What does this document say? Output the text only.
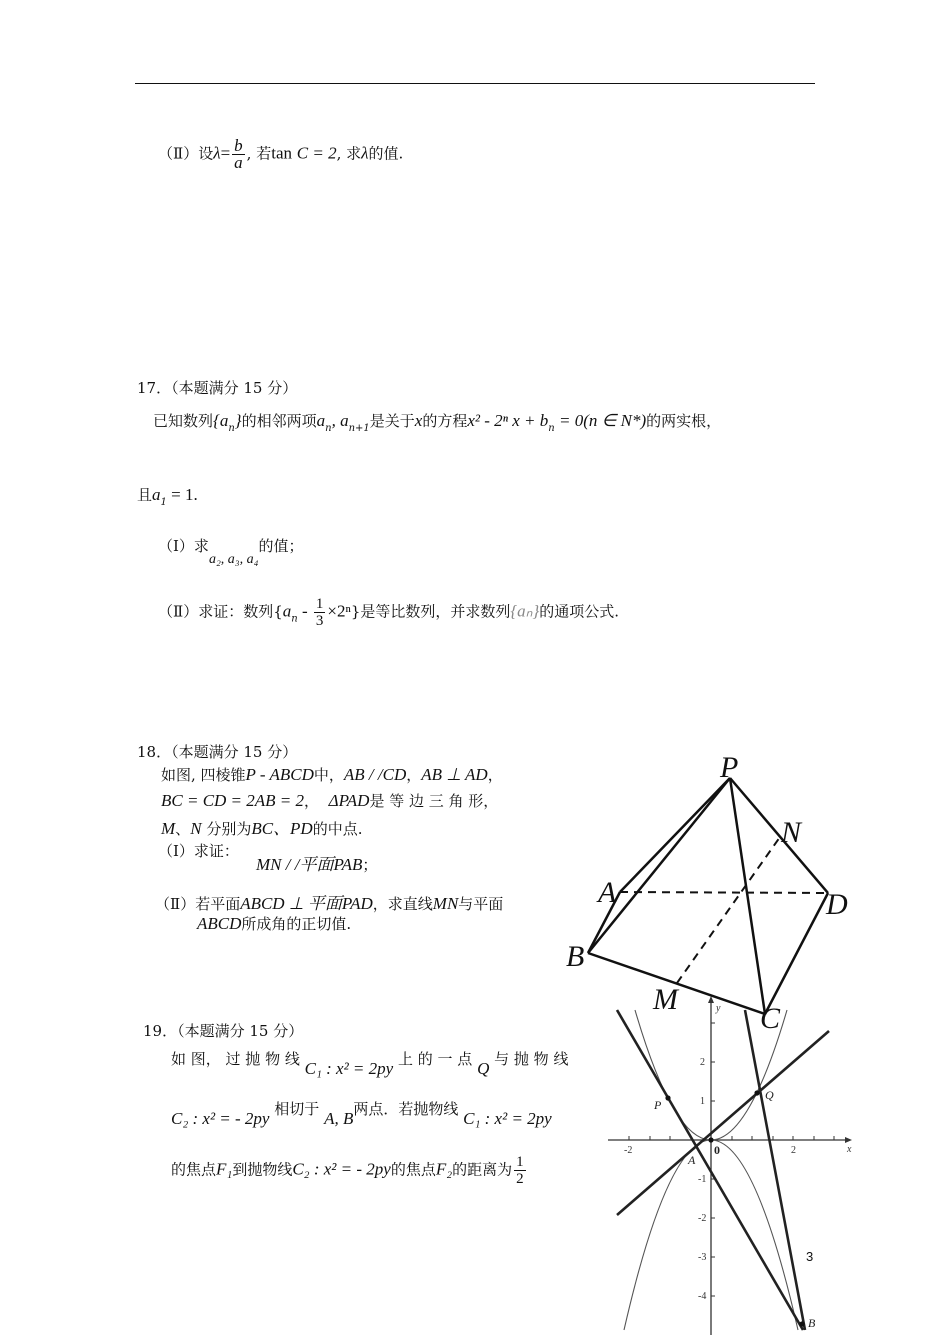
（Ⅱ）设$\lambda= \frac{b}{a}$ , 若tan C = 2, 求λ的值.
17．（本题满分 15 分）
已知数列$\{a_n\}$的相邻两项$a_n$, $a_{n+1}$是关于x的方程x² - 2ⁿ $x + b_n = 0(n$ ∈ N*)的两实根，
且$a_1 = 1$.
（Ⅰ）求a₂, a₃, a₄的值；
（Ⅱ）求证：数列$\{a_n - \frac{1}{3} \times 2^n\}$是等比数列，并求数列{aₙ}的通项公式.
18．（本题满分 15 分）
如图, 四棱锥P - ABCD中，AB / /CD，AB ⊥ AD，
BC = CD = 2AB = 2， ΔPAD是 等 边 三 角 形，
M、N 分别为BC、PD的中点.
（Ⅰ）求证：
MN / /平面PAB；
（Ⅱ）若平面ABCD ⊥ 平面PAD，求直线MN与平面
ABCD所成角的正切值.
P
N
A	D
B
M
C
19．（本题满分 15 分）
如 图， 过 抛 物 线 C₁ : x² = 2py 上 的 一 点 Q 与 抛 物 线
C₂ : x² = - 2py 相切于 A, B两点．若抛物线 C₁ : x² = 2py
的焦点F₁到抛物线C₂ : x² = - 2py的焦点F₂的距离为 $\frac{1}{2}$
x
y
-2	2
2
1
-1
-2
-3
-4
0
P
Q
A
B
3
